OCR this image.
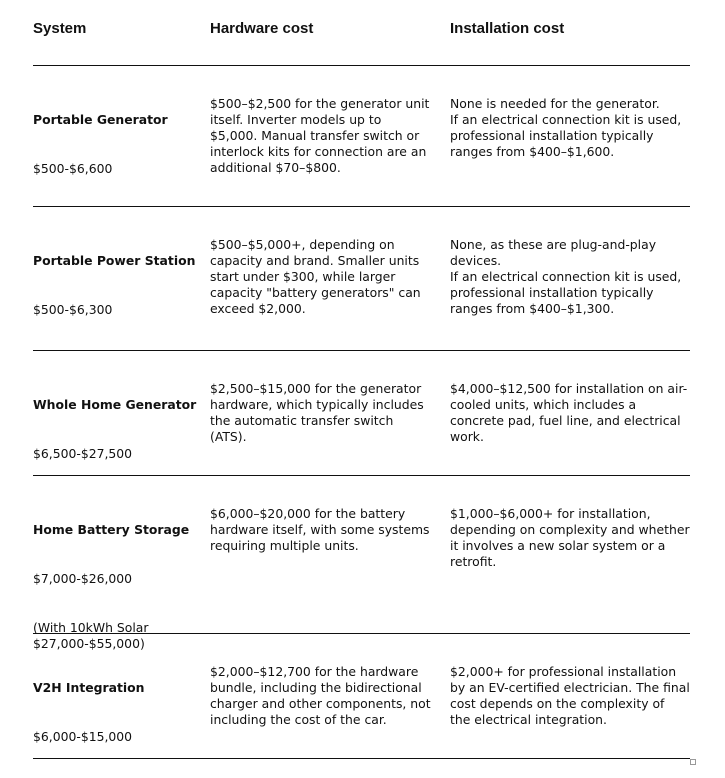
System	Hardware cost	Installation cost

Portable Generator

$500-$6,600

$500–$2,500 for the generator unit
itself. Inverter models up to
$5,000. Manual transfer switch or
interlock kits for connection are an
additional $70–$800.
None is needed for the generator.
If an electrical connection kit is used,
professional installation typically
ranges from $400–$1,600.

Portable Power Station

$500-$6,300

$500–$5,000+, depending on
capacity and brand. Smaller units
start under $300, while larger
capacity "battery generators" can
exceed $2,000.
None, as these are plug-and-play
devices.
If an electrical connection kit is used,
professional installation typically
ranges from $400–$1,300.

Whole Home Generator

$6,500-$27,500

$2,500–$15,000 for the generator
hardware, which typically includes
the automatic transfer switch
(ATS).
$4,000–$12,500 for installation on air-
cooled units, which includes a
concrete pad, fuel line, and electrical
work.

Home Battery Storage

$7,000-$26,000

(With 10kWh Solar
$27,000-$55,000)

$6,000–$20,000 for the battery
hardware itself, with some systems
requiring multiple units.
$1,000–$6,000+ for installation,
depending on complexity and whether
it involves a new solar system or a
retrofit.

V2H Integration

$6,000-$15,000

$2,000–$12,700 for the hardware
bundle, including the bidirectional
charger and other components, not
including the cost of the car.
$2,000+ for professional installation
by an EV-certified electrician. The final
cost depends on the complexity of
the electrical integration.
